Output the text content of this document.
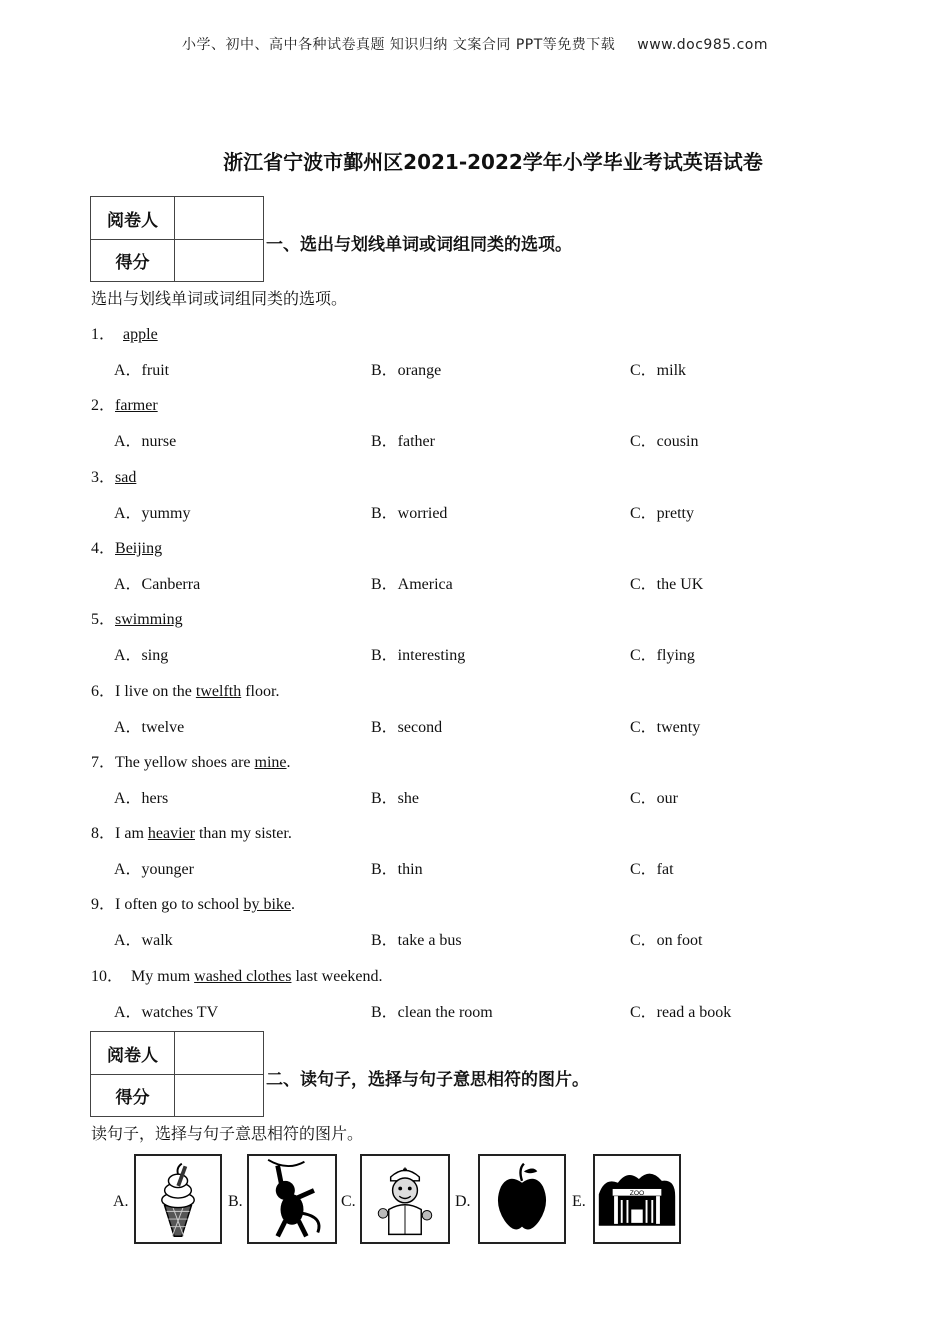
小学、初中、高中各种试卷真题 知识归纳 文案合同 PPT等免费下载 www.doc985.com
浙江省宁波市鄞州区2021-2022学年小学毕业考试英语试卷
阅卷人
得分
一、选出与划线单词或词组同类的选项。
选出与划线单词或词组同类的选项。
1． apple
A．fruit	B．orange	C．milk
2．farmer
A．nurse	B．father	C．cousin
3．sad
A．yummy	B．worried	C．pretty
4．Beijing
A．Canberra	B．America	C．the UK
5．swimming
A．sing	B．interesting	C．flying
6．I live on the twelfth floor.
A．twelve	B．second	C．twenty
7．The yellow shoes are mine.
A．hers	B．she	C．our
8．I am heavier than my sister.
A．younger	B．thin	C．fat
9．I often go to school by bike.
A．walk	B．take a bus	C．on foot
10． My mum washed clothes last weekend.
A．watches TV	B．clean the room	C．read a book
阅卷人
得分
二、读句子，选择与句子意思相符的图片。
读句子，选择与句子意思相符的图片。
A.	B.	C.	D.	E.	ZOO
